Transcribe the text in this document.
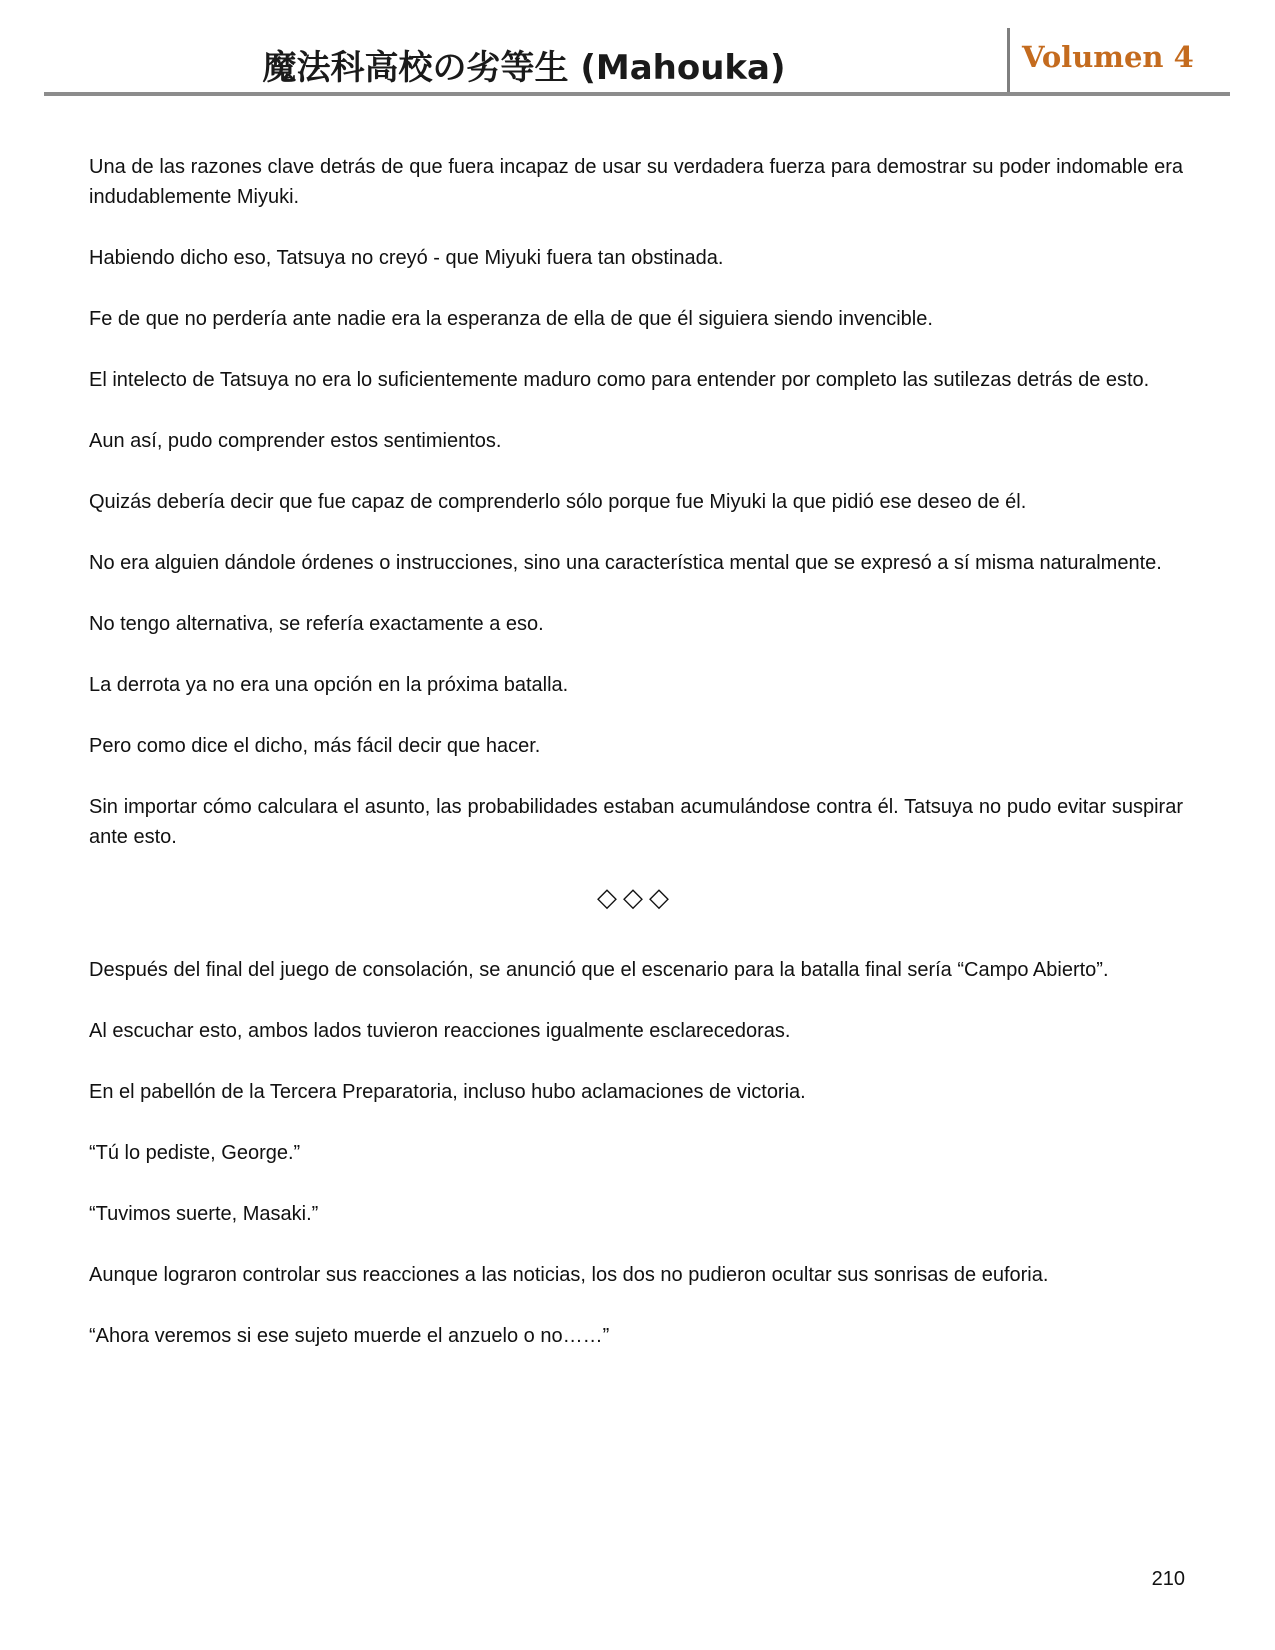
魔法科高校の劣等生 (Mahouka)	Volumen 4

Una de las razones clave detrás de que fuera incapaz de usar su verdadera fuerza para demostrar su poder indomable era indudablemente Miyuki.

Habiendo dicho eso, Tatsuya no creyó - que Miyuki fuera tan obstinada.

Fe de que no perdería ante nadie era la esperanza de ella de que él siguiera siendo invencible.

El intelecto de Tatsuya no era lo suficientemente maduro como para entender por completo las sutilezas detrás de esto.

Aun así, pudo comprender estos sentimientos.

Quizás debería decir que fue capaz de comprenderlo sólo porque fue Miyuki la que pidió ese deseo de él.

No era alguien dándole órdenes o instrucciones, sino una característica mental que se expresó a sí misma naturalmente.

No tengo alternativa, se refería exactamente a eso.

La derrota ya no era una opción en la próxima batalla.

Pero como dice el dicho, más fácil decir que hacer.

Sin importar cómo calculara el asunto, las probabilidades estaban acumulándose contra él. Tatsuya no pudo evitar suspirar ante esto.

◇◇◇

Después del final del juego de consolación, se anunció que el escenario para la batalla final sería “Campo Abierto”.

Al escuchar esto, ambos lados tuvieron reacciones igualmente esclarecedoras.

En el pabellón de la Tercera Preparatoria, incluso hubo aclamaciones de victoria.

“Tú lo pediste, George.”

“Tuvimos suerte, Masaki.”

Aunque lograron controlar sus reacciones a las noticias, los dos no pudieron ocultar sus sonrisas de euforia.

“Ahora veremos si ese sujeto muerde el anzuelo o no……”

210
